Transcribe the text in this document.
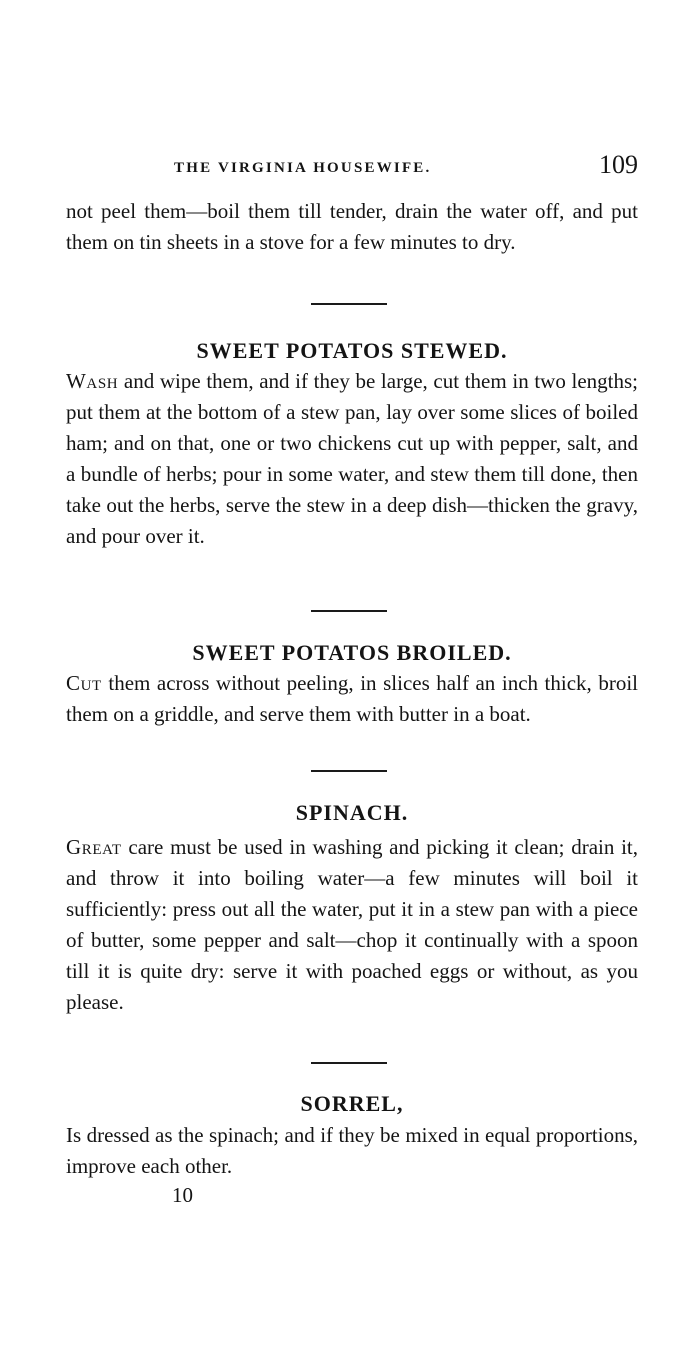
THE VIRGINIA HOUSEWIFE.	109

not peel them—boil them till tender, drain the water off, and put them on tin sheets in a stove for a few minutes to dry.

SWEET POTATOS STEWED.

Wash and wipe them, and if they be large, cut them in two lengths; put them at the bottom of a stew pan, lay over some slices of boiled ham; and on that, one or two chickens cut up with pepper, salt, and a bundle of herbs; pour in some water, and stew them till done, then take out the herbs, serve the stew in a deep dish—thicken the gravy, and pour over it.

SWEET POTATOS BROILED.

Cut them across without peeling, in slices half an inch thick, broil them on a griddle, and serve them with butter in a boat.

SPINACH.

Great care must be used in washing and picking it clean; drain it, and throw it into boiling water—a few minutes will boil it sufficiently: press out all the water, put it in a stew pan with a piece of butter, some pepper and salt—chop it continually with a spoon till it is quite dry: serve it with poached eggs or without, as you please.

SORREL,

Is dressed as the spinach; and if they be mixed in equal proportions, improve each other.

10
